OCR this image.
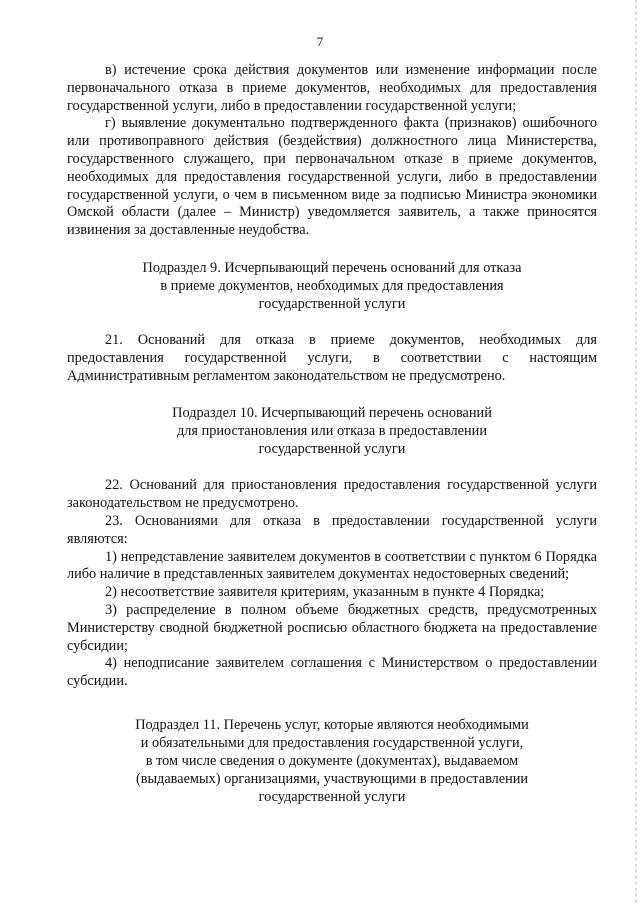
7

в) истечение срока действия документов или изменение информации после первоначального отказа в приеме документов, необходимых для предоставления государственной услуги, либо в предоставлении государственной услуги;

г) выявление документально подтвержденного факта (признаков) ошибочного или противоправного действия (бездействия) должностного лица Министерства, государственного служащего, при первоначальном отказе в приеме документов, необходимых для предоставления государственной услуги, либо в предоставлении государственной услуги, о чем в письменном виде за подписью Министра экономики Омской области (далее – Министр) уведомляется заявитель, а также приносятся извинения за доставленные неудобства.

Подраздел 9. Исчерпывающий перечень оснований для отказа
в приеме документов, необходимых для предоставления
государственной услуги

21. Оснований для отказа в приеме документов, необходимых для предоставления государственной услуги, в соответствии с настоящим Административным регламентом законодательством не предусмотрено.

Подраздел 10. Исчерпывающий перечень оснований
для приостановления или отказа в предоставлении
государственной услуги

22. Оснований для приостановления предоставления государственной услуги законодательством не предусмотрено.

23. Основаниями для отказа в предоставлении государственной услуги являются:

1) непредставление заявителем документов в соответствии с пунктом 6 Порядка либо наличие в представленных заявителем документах недостоверных сведений;

2) несоответствие заявителя критериям, указанным в пункте 4 Порядка;

3) распределение в полном объеме бюджетных средств, предусмотренных Министерству сводной бюджетной росписью областного бюджета на предоставление субсидии;

4) неподписание заявителем соглашения с Министерством о предоставлении субсидии.

Подраздел 11. Перечень услуг, которые являются необходимыми
и обязательными для предоставления государственной услуги,
в том числе сведения о документе (документах), выдаваемом
(выдаваемых) организациями, участвующими в предоставлении
государственной услуги
